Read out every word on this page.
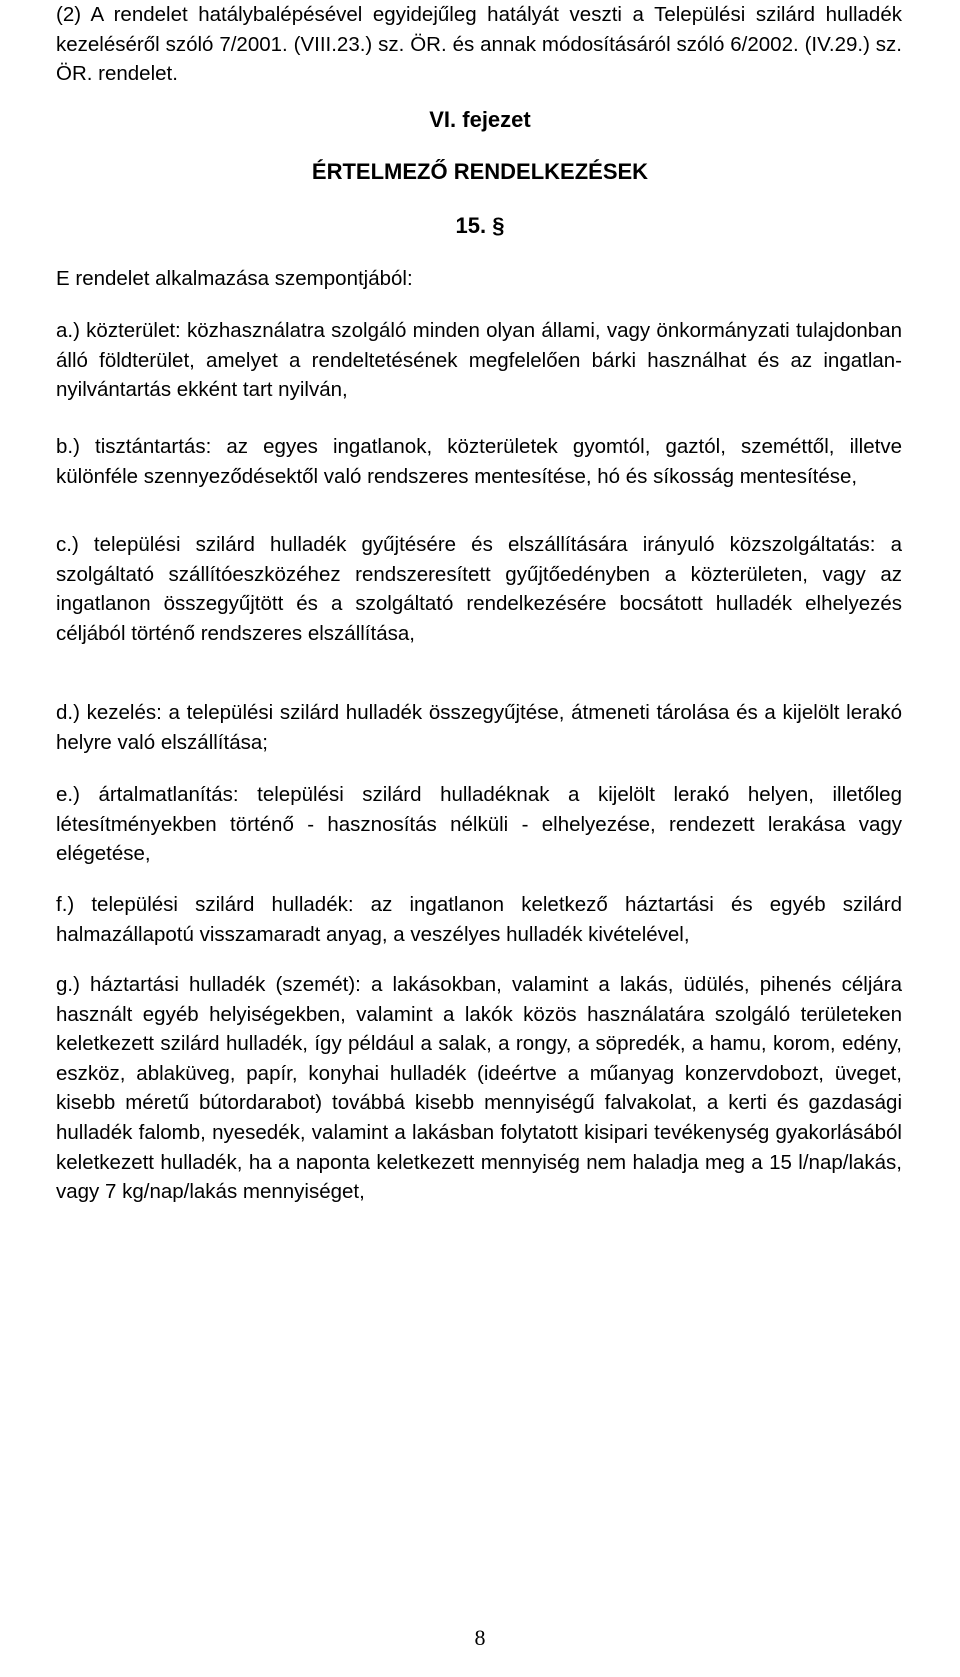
(2) A rendelet hatálybalépésével egyidejűleg hatályát veszti a Települési szilárd hulladék kezeléséről szóló 7/2001. (VIII.23.) sz. ÖR. és annak módosításáról szóló 6/2002. (IV.29.) sz. ÖR. rendelet.

VI. fejezet

ÉRTELMEZŐ RENDELKEZÉSEK

15. §

E rendelet alkalmazása szempontjából:

a.) közterület: közhasználatra szolgáló minden olyan állami, vagy önkormányzati tulajdonban álló földterület, amelyet a rendeltetésének megfelelően bárki használhat és az ingatlan-nyilvántartás ekként tart nyilván,

b.) tisztántartás: az egyes ingatlanok, közterületek gyomtól, gaztól, szeméttől, illetve különféle szennyeződésektől való rendszeres mentesítése, hó és síkosság mentesítése,

c.) települési szilárd hulladék gyűjtésére és elszállítására irányuló közszolgáltatás: a szolgáltató szállítóeszközéhez rendszeresített gyűjtőedényben a közterületen, vagy az ingatlanon összegyűjtött és a szolgáltató rendelkezésére bocsátott hulladék elhelyezés céljából történő rendszeres elszállítása,

d.) kezelés: a települési szilárd hulladék összegyűjtése, átmeneti tárolása és a kijelölt lerakó helyre való elszállítása;

e.) ártalmatlanítás: települési szilárd hulladéknak a kijelölt lerakó helyen, illetőleg létesítményekben történő - hasznosítás nélküli - elhelyezése, rendezett lerakása vagy elégetése,

f.) települési szilárd hulladék: az ingatlanon keletkező háztartási és egyéb szilárd halmazállapotú visszamaradt anyag, a veszélyes hulladék kivételével,

g.) háztartási hulladék (szemét): a lakásokban, valamint a lakás, üdülés, pihenés céljára használt egyéb helyiségekben, valamint a lakók közös használatára szolgáló területeken keletkezett szilárd hulladék, így például a salak, a rongy, a söpredék, a hamu, korom, edény, eszköz, ablaküveg, papír, konyhai hulladék (ideértve a műanyag konzervdobozt, üveget, kisebb méretű bútordarabot) továbbá kisebb mennyiségű falvakolat, a kerti és gazdasági hulladék falomb, nyesedék, valamint a lakásban folytatott kisipari tevékenység gyakorlásából keletkezett hulladék, ha a naponta keletkezett mennyiség nem haladja meg a 15 l/nap/lakás, vagy 7 kg/nap/lakás mennyiséget,

8
